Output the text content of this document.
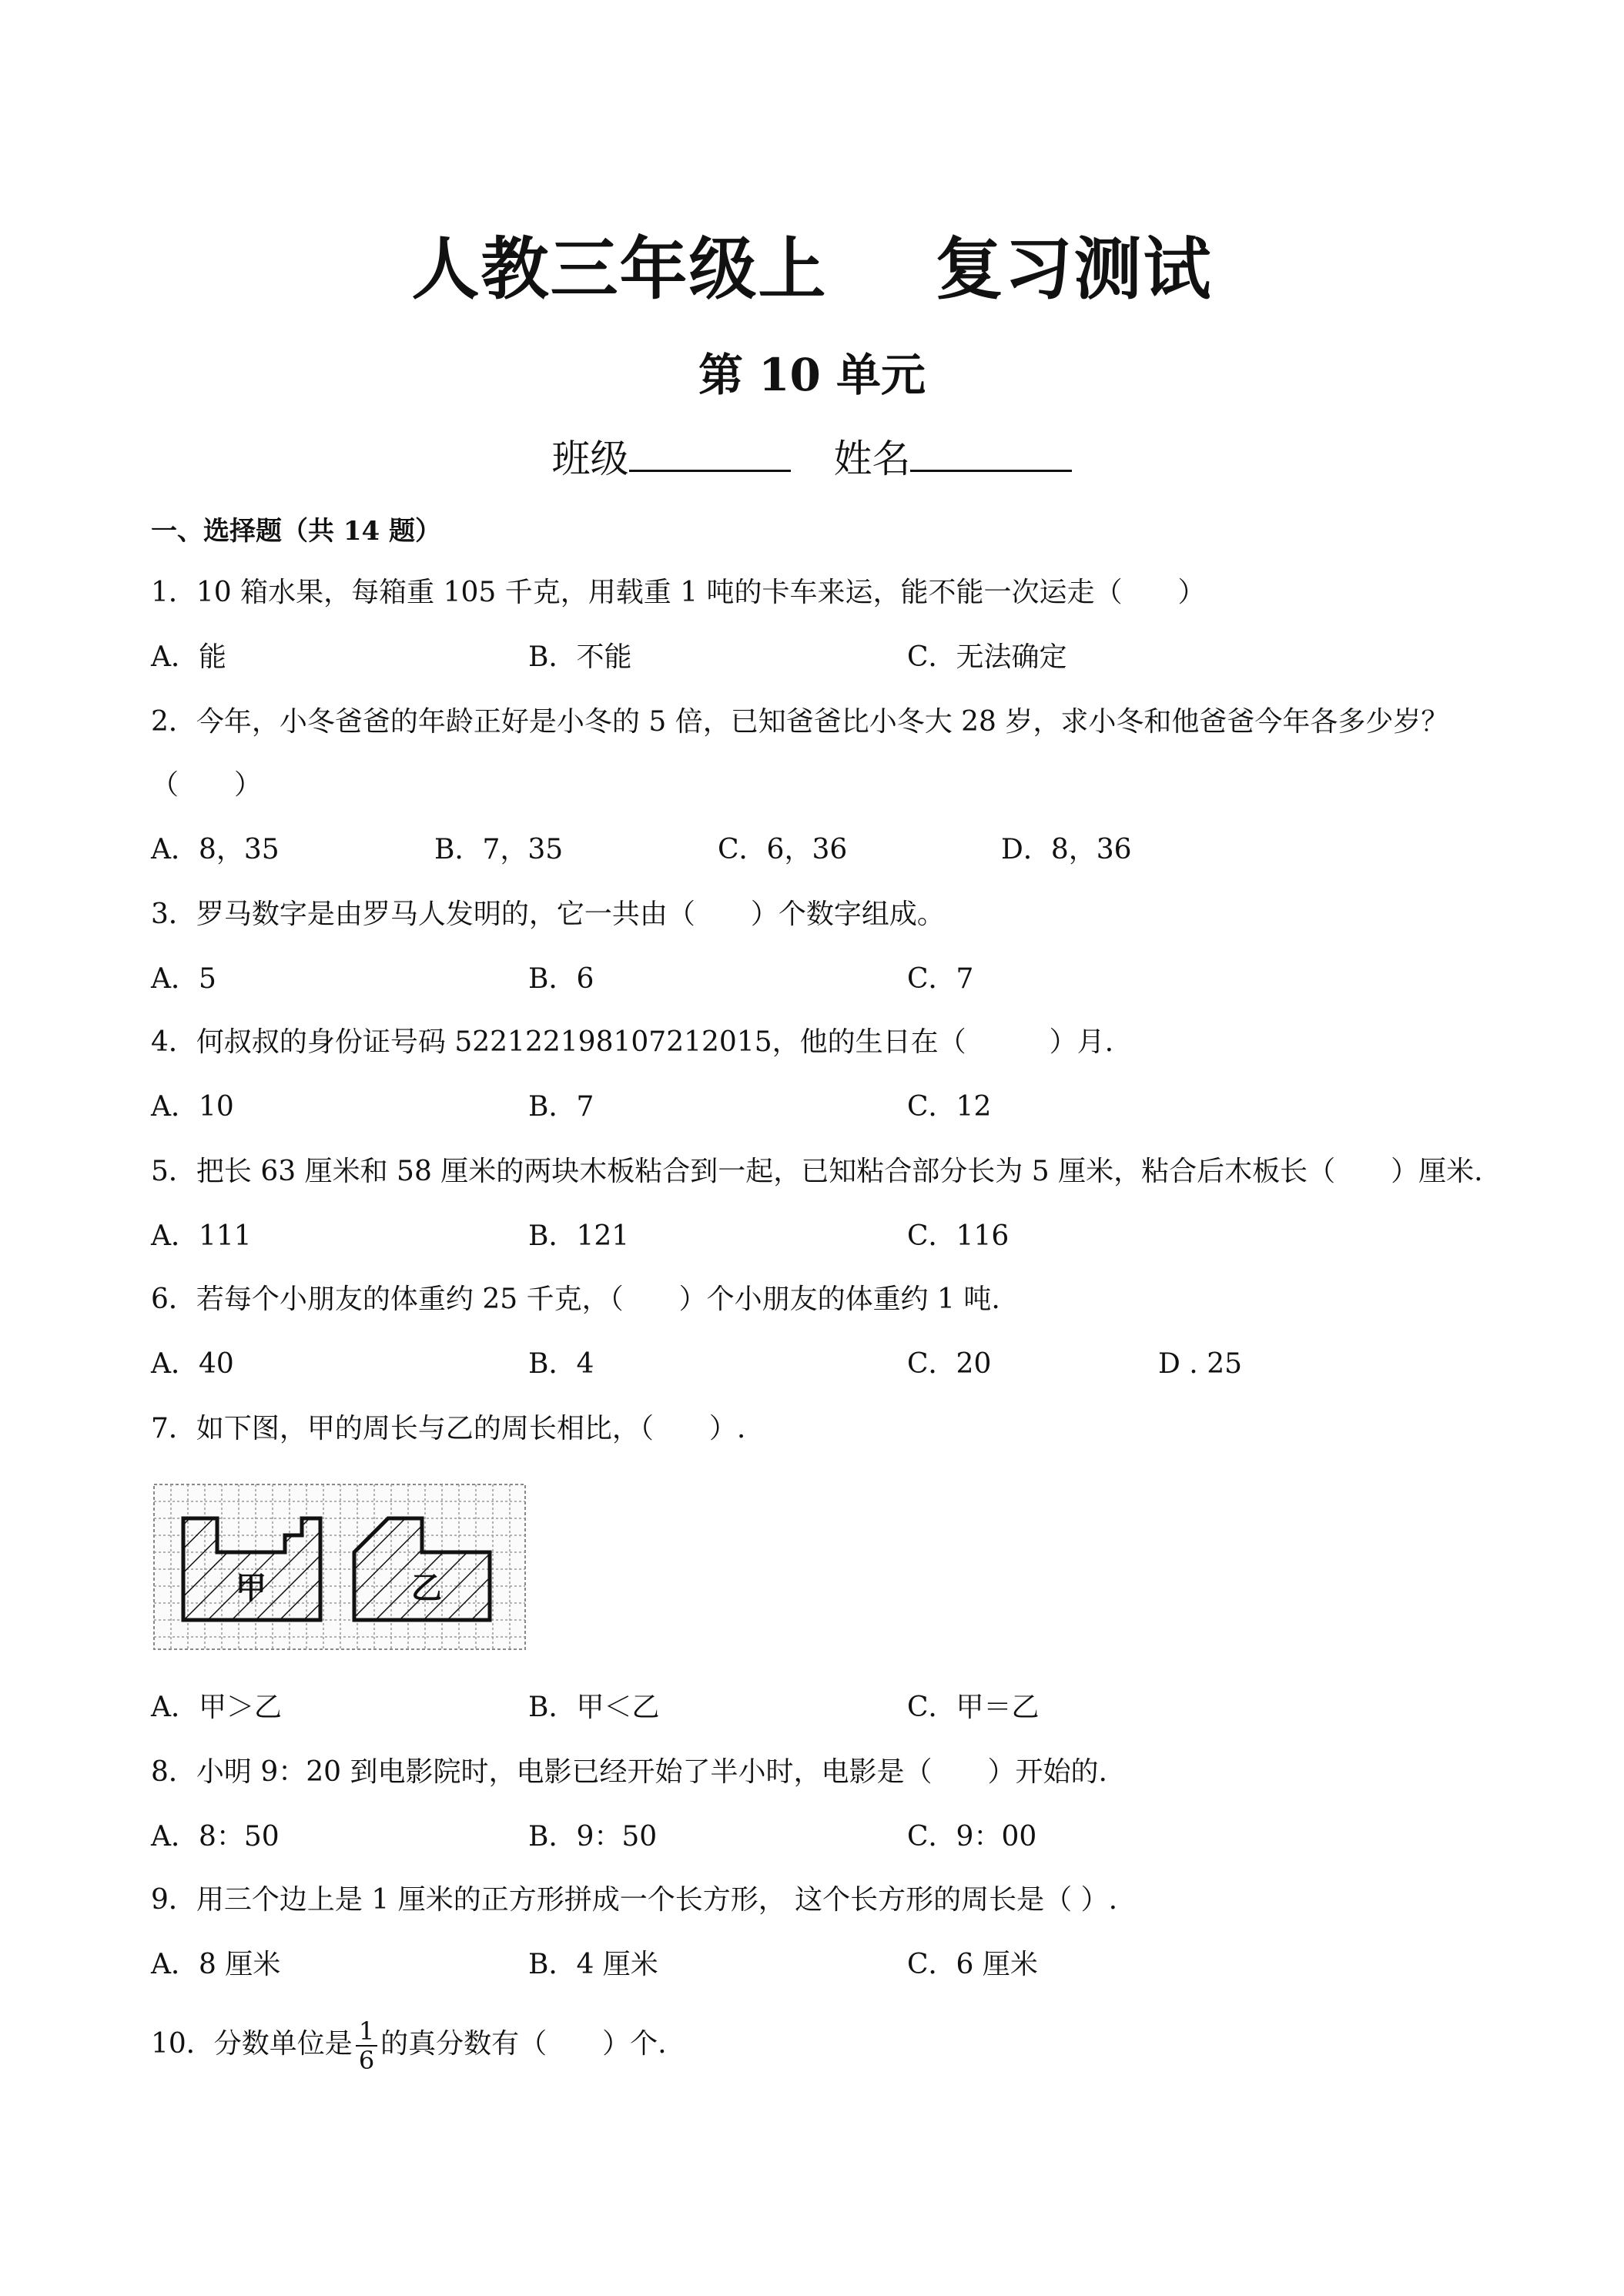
人教三年级上 复习测试
第 10 单元
班级	姓名
一、选择题（共 14 题）
1．10 箱水果，每箱重 105 千克，用载重 1 吨的卡车来运，能不能一次运走（　　）
A．能	B．不能	C．无法确定
2．今年，小冬爸爸的年龄正好是小冬的 5 倍，已知爸爸比小冬大 28 岁，求小冬和他爸爸今年各多少岁？
（　　）
A．8，35	B．7，35	C．6，36	D．8，36
3．罗马数字是由罗马人发明的，它一共由（　　）个数字组成。
A．5	B．6	C．7
4．何叔叔的身份证号码 522122198107212015，他的生日在（　　　）月.
A．10	B．7	C．12
5．把长 63 厘米和 58 厘米的两块木板粘合到一起，已知粘合部分长为 5 厘米，粘合后木板长（　　）厘米.
A．111	B．121	C．116
6．若每个小朋友的体重约 25 千克，（　　）个小朋友的体重约 1 吨.
A．40	B．4	C．20	D . 25
7．如下图，甲的周长与乙的周长相比，（　　）.
甲	乙
A．甲＞乙	B．甲＜乙	C．甲＝乙
8．小明 9：20 到电影院时，电影已经开始了半小时，电影是（　　）开始的.
A．8：50	B．9：50	C．9：00
9．用三个边上是 1 厘米的正方形拼成一个长方形， 这个长方形的周长是（ ）.
A．8 厘米	B．4 厘米	C．6 厘米
10．分数单位是 $\frac{1}{6}$ 的真分数有（　　）个.
